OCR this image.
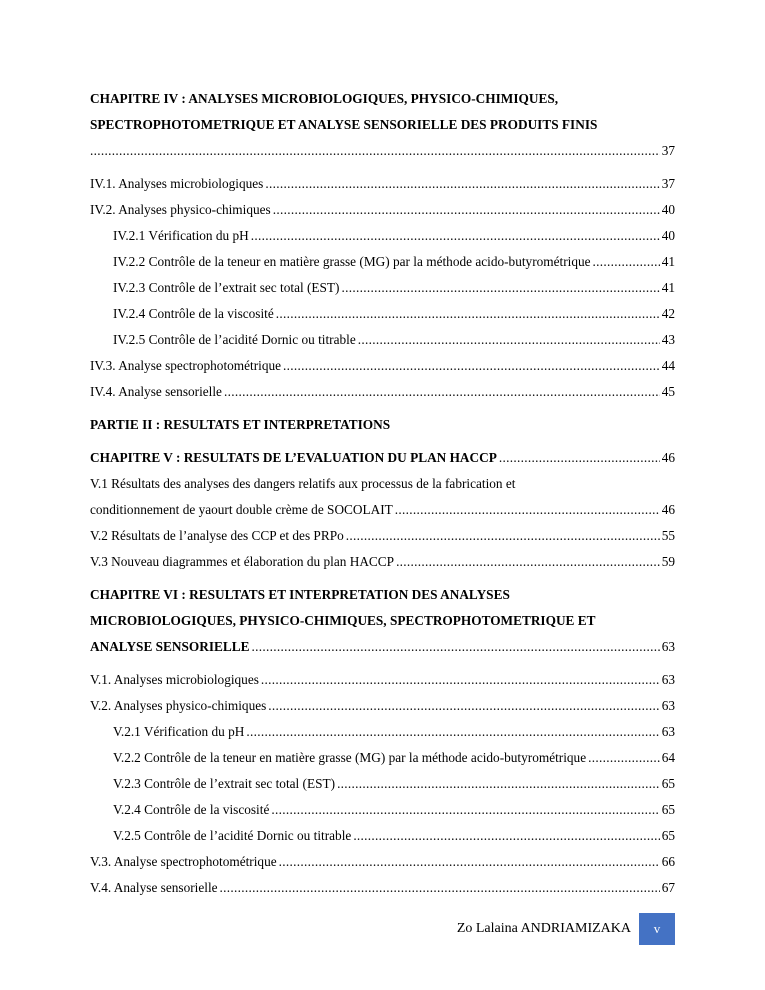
CHAPITRE IV : ANALYSES MICROBIOLOGIQUES, PHYSICO-CHIMIQUES,
SPECTROPHOTOMETRIQUE ET ANALYSE SENSORIELLE DES PRODUITS FINIS
.....
37
IV.1. Analyses microbiologiques .....	37
IV.2. Analyses physico-chimiques .....	40
IV.2.1 Vérification du pH .....	40
IV.2.2 Contrôle de la teneur en matière grasse (MG) par la méthode acido-butyrométrique .....	41
IV.2.3 Contrôle de l’extrait sec total (EST) .....	41
IV.2.4 Contrôle de la viscosité .....	42
IV.2.5 Contrôle de l’acidité Dornic ou titrable .....	43
IV.3. Analyse spectrophotométrique .....	44
IV.4. Analyse sensorielle .....	45
PARTIE II : RESULTATS ET INTERPRETATIONS
CHAPITRE V : RESULTATS DE L’EVALUATION DU PLAN HACCP .....	46
V.1 Résultats des analyses des dangers relatifs aux processus de la fabrication et
conditionnement de yaourt double crème de SOCOLAIT .....	46
V.2 Résultats de l’analyse des CCP et des PRPo .....	55
V.3 Nouveau diagrammes et élaboration du plan HACCP .....	59
CHAPITRE VI : RESULTATS ET INTERPRETATION DES ANALYSES
MICROBIOLOGIQUES, PHYSICO-CHIMIQUES, SPECTROPHOTOMETRIQUE ET
ANALYSE SENSORIELLE .....	63
V.1. Analyses microbiologiques .....	63
V.2. Analyses physico-chimiques .....	63
V.2.1 Vérification du pH .....	63
V.2.2 Contrôle de la teneur en matière grasse (MG) par la méthode acido-butyrométrique .....	64
V.2.3 Contrôle de l’extrait sec total (EST) .....	65
V.2.4 Contrôle de la viscosité .....	65
V.2.5 Contrôle de l’acidité Dornic ou titrable .....	65
V.3. Analyse spectrophotométrique .....	66
V.4. Analyse sensorielle .....	67
Zo Lalaina ANDRIAMIZAKA	v
